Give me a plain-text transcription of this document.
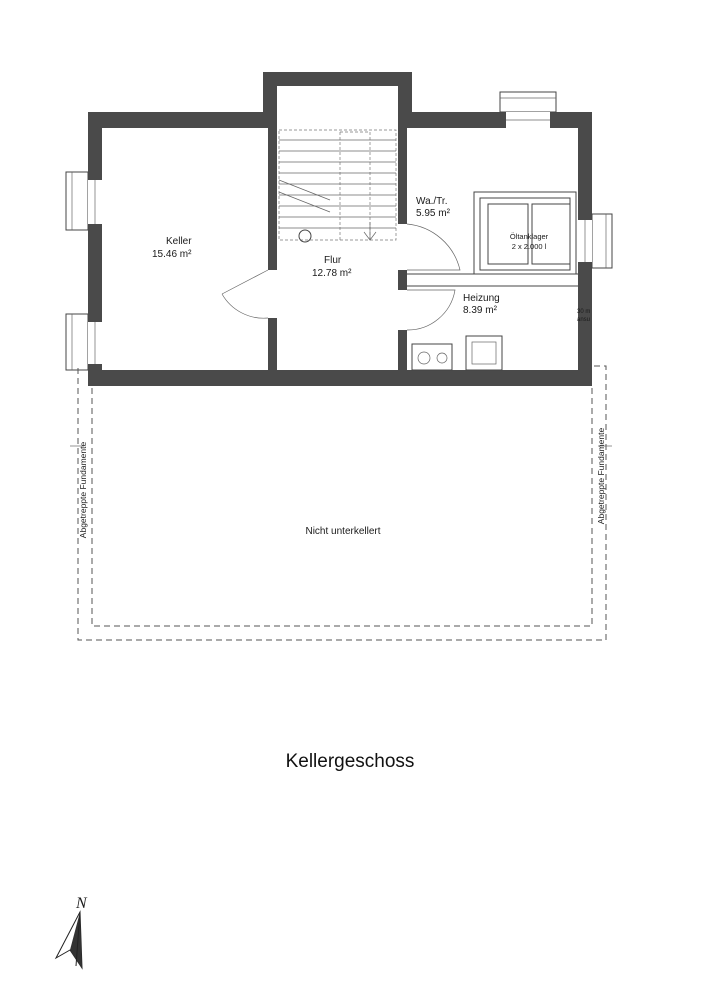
Keller
15.46 m²
Flur
12.78 m²
Wa./Tr.
5.95 m²
Heizung
8.39 m²
Öltanklager
2 x 2.000 l
30 m
ansu
Nicht unterkellert
Abgetreppte Fundamente	Abgetreppte Fundamente
Kellergeschoss
N
